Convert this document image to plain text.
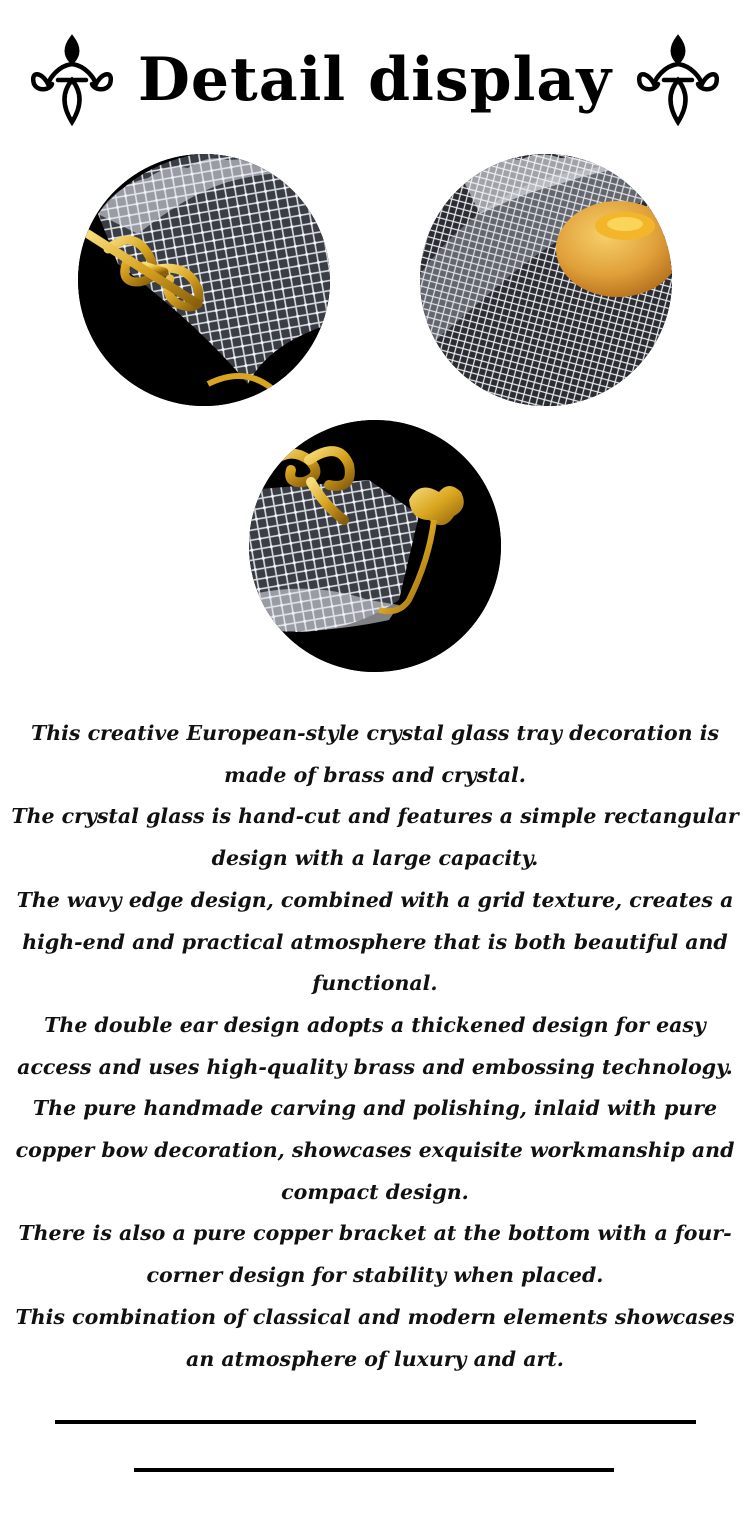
Detail display

This creative European-style crystal glass tray decoration is made of brass and crystal.

The crystal glass is hand-cut and features a simple rectangular design with a large capacity.

The wavy edge design, combined with a grid texture, creates a high-end and practical atmosphere that is both beautiful and functional.

The double ear design adopts a thickened design for easy access and uses high-quality brass and embossing technology.

The pure handmade carving and polishing, inlaid with pure copper bow decoration, showcases exquisite workmanship and compact design.

There is also a pure copper bracket at the bottom with a four-corner design for stability when placed.

This combination of classical and modern elements showcases an atmosphere of luxury and art.
